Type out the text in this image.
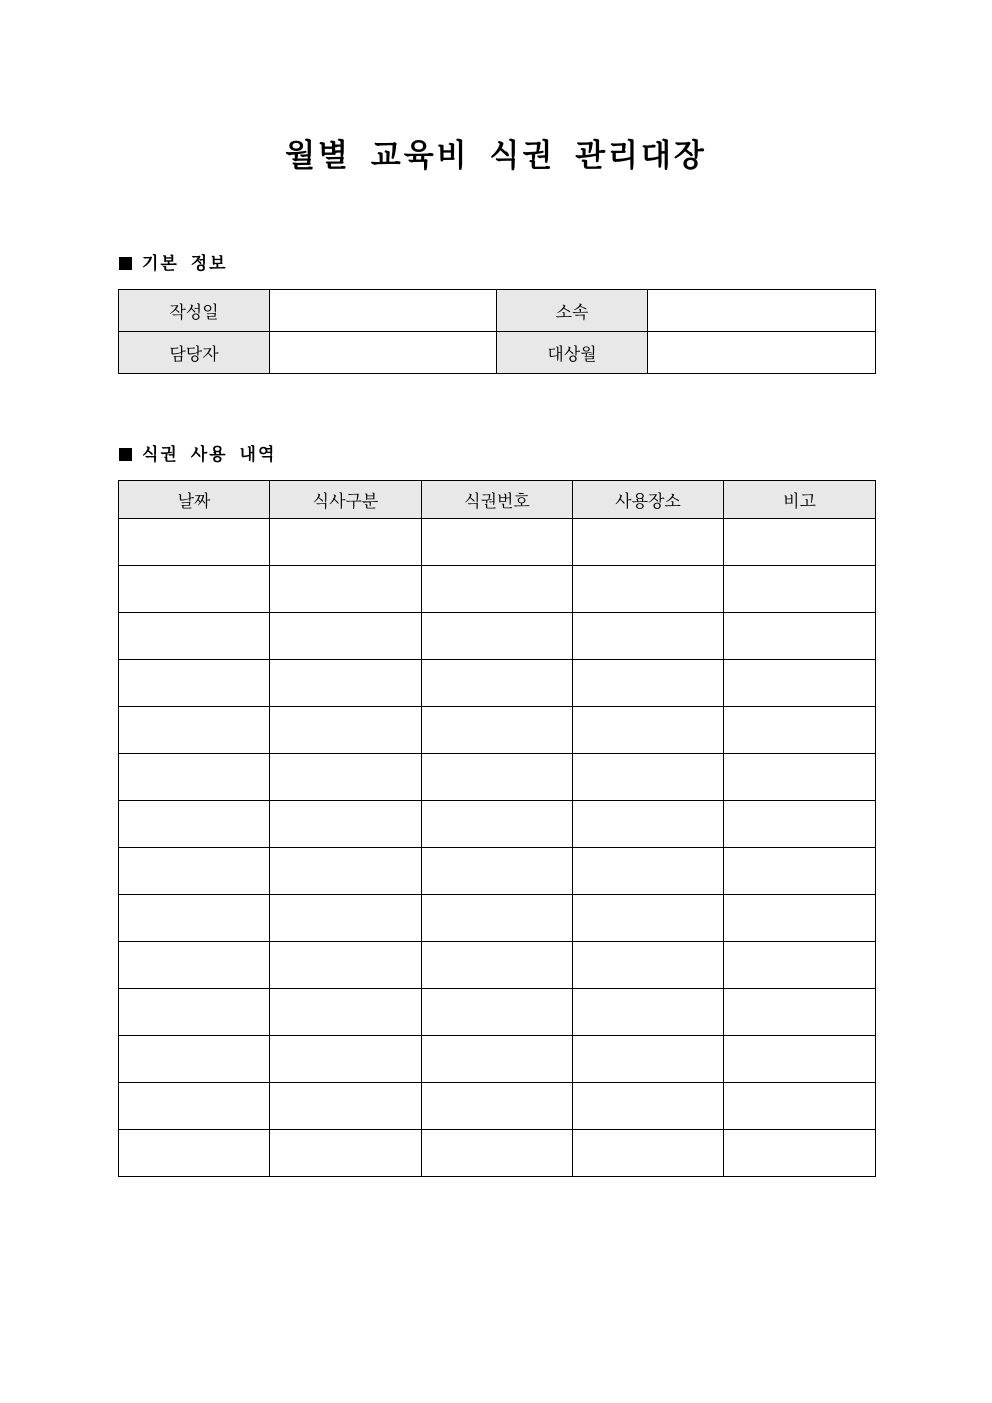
월별 교육비 식권 관리대장
기본 정보
작성일		소속	
담당자		대상월	
식권 사용 내역
날짜	식사구분	식권번호	사용장소	비고
